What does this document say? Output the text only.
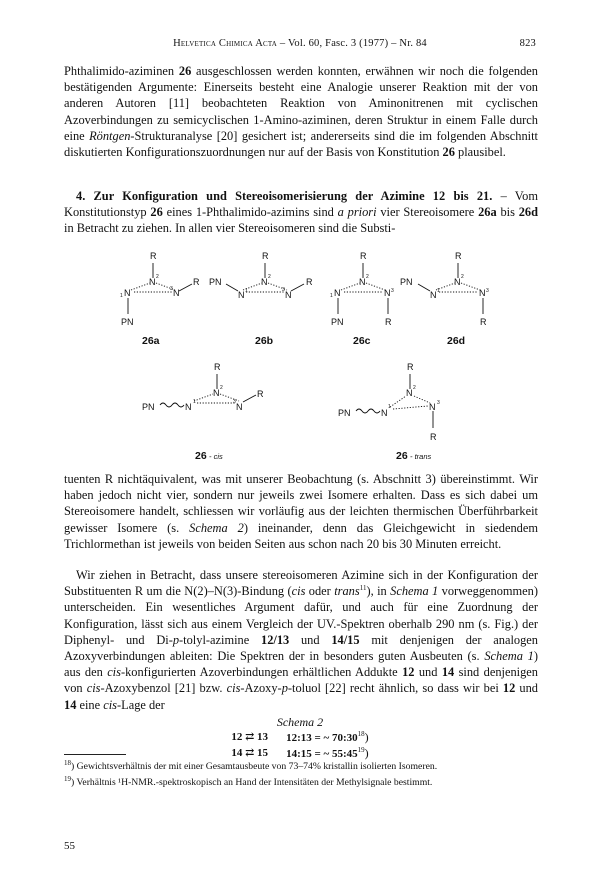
Helvetica Chimica Acta – Vol. 60, Fasc. 3 (1977) – Nr. 84	823

Phthalimido-aziminen 26 ausgeschlossen werden konnten, erwähnen wir noch die folgenden bestätigenden Argumente: Einerseits besteht eine Analogie unserer Reaktion mit der von anderen Autoren [11] beobachteten Reaktion von Aminonitrenen mit cyclischen Azoverbindungen zu semicyclischen 1-Amino-aziminen, deren Struktur in einem Falle durch eine Röntgen-Strukturanalyse [20] gesichert ist; andererseits sind die im folgenden Abschnitt diskutierten Konfigurationszuordnungen nur auf der Basis von Konstitution 26 plausibel.

4. Zur Konfiguration und Stereoisomerisierung der Azimine 12 bis 21. – Vom Konstitutionstyp 26 eines 1-Phthalimido-azimins sind a priori vier Stereoisomere 26a bis 26d in Betracht zu ziehen. In allen vier Stereoisomeren sind die Substi-

R
N 2
N
1	N
3
R
PN
R
N 2
PN
N 1	N
3
R
R
N 2
N
1	N 3
PN	R
R
N 2
PN
N 1	N 3
R
26a	26b	26c	26d
R
N 2
PN	N 1	N
3
R
R
N 2
PN	N
1	N 3
R
26 - cis	26 - trans

tuenten R nichtäquivalent, was mit unserer Beobachtung (s. Abschnitt 3) übereinstimmt. Wir haben jedoch nicht vier, sondern nur jeweils zwei Isomere erhalten. Dass es sich dabei um Stereoisomere handelt, schliessen wir vorläufig aus der leichten thermischen Überführbarkeit gewisser Isomere (s. Schema 2) ineinander, denn das Gleichgewicht in siedendem Trichlormethan ist jeweils von beiden Seiten aus schon nach 20 bis 30 Minuten erreicht.

Wir ziehen in Betracht, dass unsere stereoisomeren Azimine sich in der Konfiguration der Substituenten R um die N(2)–N(3)-Bindung (cis oder trans$^{11}$), in Schema 1 vorweggenommen) unterscheiden. Ein wesentliches Argument dafür, und auch für eine Zuordnung der Konfiguration, lässt sich aus einem Vergleich der UV.-Spektren oberhalb 290 nm (s. Fig.) der Diphenyl- und Di-p-tolyl-azimine 12/13 und 14/15 mit denjenigen der analogen Azoxyverbindungen ableiten: Die Spektren der in besonders guten Ausbeuten (s. Schema 1) aus den cis-konfigurierten Azoverbindungen erhältlichen Addukte 12 und 14 sind denjenigen von cis-Azoxybenzol [21] bzw. cis-Azoxy-p-toluol [22] recht ähnlich, so dass wir bei 12 und 14 eine cis-Lage der

Schema 2
12 ⇄ 13 12:13 = ~ $70:30^{18}$)
14 ⇄ 15 14:15 = ~ $55:45^{19}$)
$^{18}$) Gewichtsverhältnis der mit einer Gesamtausbeute von 73–74% kristallin isolierten Isomeren.
$^{19}$) Verhältnis ¹H-NMR.-spektroskopisch an Hand der Intensitäten der Methylsignale bestimmt.
55
